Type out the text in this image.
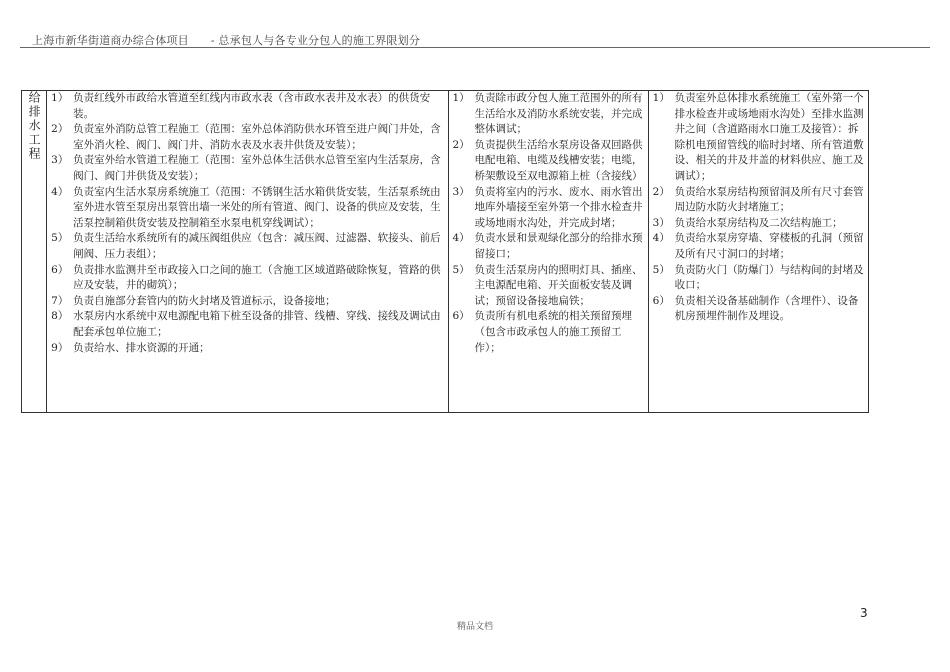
上海市新华街道商办综合体项目 - 总承包人与各专业分包人的施工界限划分
给排水工程	1） 负责红线外市政给水管道至红线内市政水表（含市政水表井及水表）的供货安装。
2） 负责室外消防总管工程施工（范围：室外总体消防供水环管至进户阀门井处，含室外消火栓、阀门、阀门井、消防水表及水表井供货及安装）；
3） 负责室外给水管道工程施工（范围：室外总体生活供水总管至室内生活泵房，含阀门、阀门井供货及安装）；
4） 负责室内生活水泵房系统施工（范围：不锈钢生活水箱供货安装，生活泵系统由室外进水管至泵房出泵管出墙一米处的所有管道、阀门、设备的供应及安装，生活泵控制箱供货安装及控制箱至水泵电机穿线调试）；
5） 负责生活给水系统所有的减压阀组供应（包含：减压阀、过滤器、软接头、前后闸阀、压力表组）；
6） 负责排水监测井至市政接入口之间的施工（含施工区域道路破除恢复，管路的供应及安装，井的砌筑）；
7） 负责自施部分套管内的防火封堵及管道标示，设备接地；
8） 水泵房内水系统中双电源配电箱下桩至设备的排管、线槽、穿线、接线及调试由配套承包单位施工；
9） 负责给水、排水资源的开通；

1） 负责除市政分包人施工范围外的所有生活给水及消防水系统安装，并完成整体调试；
2） 负责提供生活给水泵房设备双回路供电配电箱、电缆及线槽安装；电缆，桥架敷设至双电源箱上桩（含接线）
3） 负责将室内的污水、废水、雨水管出地库外墙接至室外第一个排水检查井或场地雨水沟处，并完成封堵；
4） 负责水景和景观绿化部分的给排水预留接口；
5） 负责生活泵房内的照明灯具、插座、主电源配电箱、开关面板安装及调试；预留设备接地扁铁；
6） 负责所有机电系统的相关预留预埋（包含市政承包人的施工预留工作）；

1） 负责室外总体排水系统施工（室外第一个排水检查井或场地雨水沟处）至排水监测井之间（含道路雨水口施工及接管）：拆除机电预留管线的临时封堵、所有管道敷设、相关的井及井盖的材料供应、施工及调试）；
2） 负责给水泵房结构预留洞及所有尺寸套管周边防水防火封堵施工；
3） 负责给水泵房结构及二次结构施工；
4） 负责给水泵房穿墙、穿楼板的孔洞（预留及所有尺寸洞口的封堵；
5） 负责防火门（防爆门）与结构间的封堵及收口；
6） 负责相关设备基础制作（含埋件）、设备机房预埋件制作及埋设。
精品文档
3
